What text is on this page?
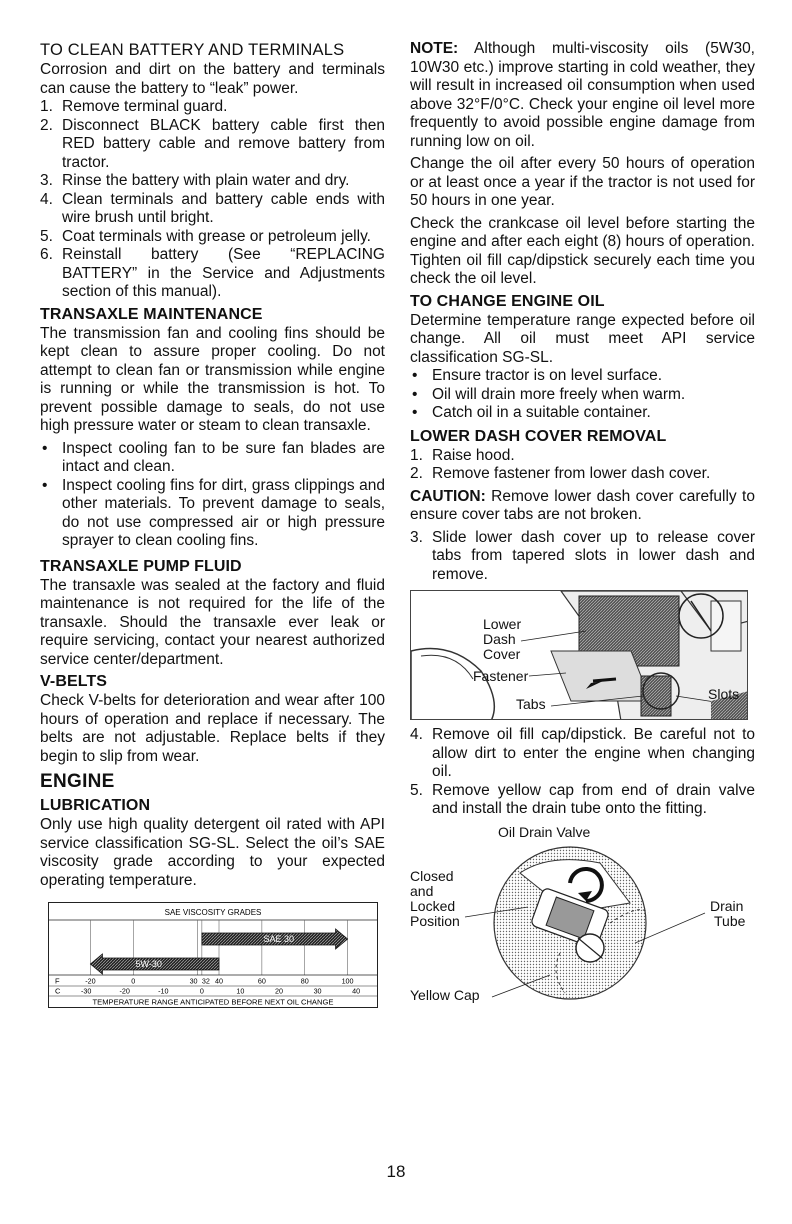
TO CLEAN BATTERY AND TERMINALS

Corrosion and dirt on the battery and terminals can cause the battery to “leak” power.

1. Remove terminal guard.
2. Disconnect BLACK battery cable first then RED battery cable and remove battery from tractor.
3. Rinse the battery with plain water and dry.
4. Clean terminals and battery cable ends with wire brush until bright.
5. Coat terminals with grease or petroleum jelly.
6. Reinstall battery (See “REPLACING BATTERY” in the Service and Adjustments section of this manual).
TRANSAXLE MAINTENANCE

The transmission fan and cooling fins should be kept clean to assure proper cooling. Do not attempt to clean fan or transmission while engine is running or while the transmission is hot. To prevent possible damage to seals, do not use high pressure water or steam to clean transaxle.

• Inspect cooling fan to be sure fan blades are intact and clean.
• Inspect cooling fins for dirt, grass clippings and other materials. To prevent damage to seals, do not use compressed air or high pressure sprayer to clean cooling fins.
TRANSAXLE PUMP FLUID

The transaxle was sealed at the factory and fluid maintenance is not required for the life of the transaxle. Should the transaxle ever leak or require servicing, contact your nearest authorized service center/department.

V-BELTS

Check V-belts for deterioration and wear after 100 hours of operation and replace if necessary. The belts are not adjustable. Replace belts if they begin to slip from wear.

ENGINE
LUBRICATION

Only use high quality detergent oil rated with API service classification SG-SL. Select the oil’s SAE viscosity grade according to your expected operating temperature.

SAE VISCOSITY GRADES
5W-30
SAE 30
F	-20	0	30 32 40	60	80	100
C	-30	-20	-10	0	10	20	30	40
TEMPERATURE RANGE ANTICIPATED BEFORE NEXT OIL CHANGE

NOTE: Although multi-viscosity oils (5W30, 10W30 etc.) improve starting in cold weather, they will result in increased oil consumption when used above 32°F/0°C. Check your engine oil level more frequently to avoid possible engine damage from running low on oil.

Change the oil after every 50 hours of operation or at least once a year if the tractor is not used for 50 hours in one year.

Check the crankcase oil level before starting the engine and after each eight (8) hours of operation. Tighten oil fill cap/dipstick securely each time you check the oil level.

TO CHANGE ENGINE OIL

Determine temperature range expected before oil change. All oil must meet API service classification SG-SL.

• Ensure tractor is on level surface.
• Oil will drain more freely when warm.
• Catch oil in a suitable container.
LOWER DASH COVER REMOVAL
1. Raise hood.
2. Remove fastener from lower dash cover.

CAUTION: Remove lower dash cover carefully to ensure cover tabs are not broken.

3. Slide lower dash cover up to release cover tabs from tapered slots in lower dash and remove.
Lower
Dash
Cover
Fastener
Tabs
Slots
4. Remove oil fill cap/dipstick. Be careful not to allow dirt to enter the engine when changing oil.
5. Remove yellow cap from end of drain valve and install the drain tube onto the fitting.
Oil Drain Valve
Closed
and
Locked
Position
Drain
Tube
Yellow Cap
18
